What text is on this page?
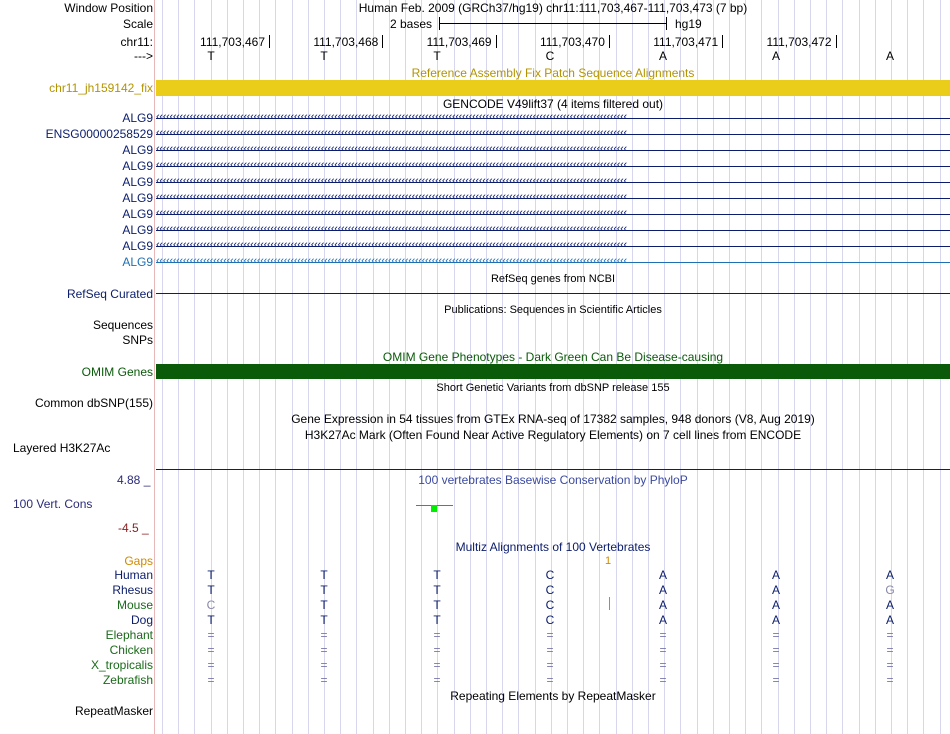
Window Position	Human Feb. 2009 (GRCh37/hg19) chr11:111,703,467-111,703,473 (7 bp)
Scale	2 bases	hg19
chr11:	111,703,467	111,703,468	111,703,469	111,703,470	111,703,471	111,703,472
--->	T	T	T	C	A	A	A
Reference Assembly Fix Patch Sequence Alignments
chr11_jh159142_fix
GENCODE V49lift37 (4 items filtered out)
ALG9 ‹‹‹‹‹‹‹‹‹‹‹‹‹‹‹‹‹‹‹‹‹‹‹‹‹‹‹‹‹‹‹‹‹‹‹‹‹‹‹‹‹‹‹‹‹‹‹‹‹‹‹‹‹‹‹‹‹‹‹‹‹‹‹‹‹‹‹‹‹‹‹‹‹‹‹‹‹‹‹‹‹‹‹‹‹‹‹‹‹‹‹‹‹‹‹‹‹‹‹‹‹‹‹‹‹‹‹‹‹‹‹‹‹‹‹‹‹‹‹‹‹‹‹‹‹‹‹‹‹‹‹‹‹‹‹‹‹‹‹‹
ENSG00000258529 ‹‹‹‹‹‹‹‹‹‹‹‹‹‹‹‹‹‹‹‹‹‹‹‹‹‹‹‹‹‹‹‹‹‹‹‹‹‹‹‹‹‹‹‹‹‹‹‹‹‹‹‹‹‹‹‹‹‹‹‹‹‹‹‹‹‹‹‹‹‹‹‹‹‹‹‹‹‹‹‹‹‹‹‹‹‹‹‹‹‹‹‹‹‹‹‹‹‹‹‹‹‹‹‹‹‹‹‹‹‹‹‹‹‹‹‹‹‹‹‹‹‹‹‹‹‹‹‹‹‹‹‹‹‹‹‹‹‹‹‹
ALG9 ‹‹‹‹‹‹‹‹‹‹‹‹‹‹‹‹‹‹‹‹‹‹‹‹‹‹‹‹‹‹‹‹‹‹‹‹‹‹‹‹‹‹‹‹‹‹‹‹‹‹‹‹‹‹‹‹‹‹‹‹‹‹‹‹‹‹‹‹‹‹‹‹‹‹‹‹‹‹‹‹‹‹‹‹‹‹‹‹‹‹‹‹‹‹‹‹‹‹‹‹‹‹‹‹‹‹‹‹‹‹‹‹‹‹‹‹‹‹‹‹‹‹‹‹‹‹‹‹‹‹‹‹‹‹‹‹‹‹‹‹
ALG9 ‹‹‹‹‹‹‹‹‹‹‹‹‹‹‹‹‹‹‹‹‹‹‹‹‹‹‹‹‹‹‹‹‹‹‹‹‹‹‹‹‹‹‹‹‹‹‹‹‹‹‹‹‹‹‹‹‹‹‹‹‹‹‹‹‹‹‹‹‹‹‹‹‹‹‹‹‹‹‹‹‹‹‹‹‹‹‹‹‹‹‹‹‹‹‹‹‹‹‹‹‹‹‹‹‹‹‹‹‹‹‹‹‹‹‹‹‹‹‹‹‹‹‹‹‹‹‹‹‹‹‹‹‹‹‹‹‹‹‹‹
ALG9 ‹‹‹‹‹‹‹‹‹‹‹‹‹‹‹‹‹‹‹‹‹‹‹‹‹‹‹‹‹‹‹‹‹‹‹‹‹‹‹‹‹‹‹‹‹‹‹‹‹‹‹‹‹‹‹‹‹‹‹‹‹‹‹‹‹‹‹‹‹‹‹‹‹‹‹‹‹‹‹‹‹‹‹‹‹‹‹‹‹‹‹‹‹‹‹‹‹‹‹‹‹‹‹‹‹‹‹‹‹‹‹‹‹‹‹‹‹‹‹‹‹‹‹‹‹‹‹‹‹‹‹‹‹‹‹‹‹‹‹‹
ALG9 ‹‹‹‹‹‹‹‹‹‹‹‹‹‹‹‹‹‹‹‹‹‹‹‹‹‹‹‹‹‹‹‹‹‹‹‹‹‹‹‹‹‹‹‹‹‹‹‹‹‹‹‹‹‹‹‹‹‹‹‹‹‹‹‹‹‹‹‹‹‹‹‹‹‹‹‹‹‹‹‹‹‹‹‹‹‹‹‹‹‹‹‹‹‹‹‹‹‹‹‹‹‹‹‹‹‹‹‹‹‹‹‹‹‹‹‹‹‹‹‹‹‹‹‹‹‹‹‹‹‹‹‹‹‹‹‹‹‹‹‹
ALG9 ‹‹‹‹‹‹‹‹‹‹‹‹‹‹‹‹‹‹‹‹‹‹‹‹‹‹‹‹‹‹‹‹‹‹‹‹‹‹‹‹‹‹‹‹‹‹‹‹‹‹‹‹‹‹‹‹‹‹‹‹‹‹‹‹‹‹‹‹‹‹‹‹‹‹‹‹‹‹‹‹‹‹‹‹‹‹‹‹‹‹‹‹‹‹‹‹‹‹‹‹‹‹‹‹‹‹‹‹‹‹‹‹‹‹‹‹‹‹‹‹‹‹‹‹‹‹‹‹‹‹‹‹‹‹‹‹‹‹‹‹
ALG9 ‹‹‹‹‹‹‹‹‹‹‹‹‹‹‹‹‹‹‹‹‹‹‹‹‹‹‹‹‹‹‹‹‹‹‹‹‹‹‹‹‹‹‹‹‹‹‹‹‹‹‹‹‹‹‹‹‹‹‹‹‹‹‹‹‹‹‹‹‹‹‹‹‹‹‹‹‹‹‹‹‹‹‹‹‹‹‹‹‹‹‹‹‹‹‹‹‹‹‹‹‹‹‹‹‹‹‹‹‹‹‹‹‹‹‹‹‹‹‹‹‹‹‹‹‹‹‹‹‹‹‹‹‹‹‹‹‹‹‹‹
ALG9 ‹‹‹‹‹‹‹‹‹‹‹‹‹‹‹‹‹‹‹‹‹‹‹‹‹‹‹‹‹‹‹‹‹‹‹‹‹‹‹‹‹‹‹‹‹‹‹‹‹‹‹‹‹‹‹‹‹‹‹‹‹‹‹‹‹‹‹‹‹‹‹‹‹‹‹‹‹‹‹‹‹‹‹‹‹‹‹‹‹‹‹‹‹‹‹‹‹‹‹‹‹‹‹‹‹‹‹‹‹‹‹‹‹‹‹‹‹‹‹‹‹‹‹‹‹‹‹‹‹‹‹‹‹‹‹‹‹‹‹‹
ALG9 ‹‹‹‹‹‹‹‹‹‹‹‹‹‹‹‹‹‹‹‹‹‹‹‹‹‹‹‹‹‹‹‹‹‹‹‹‹‹‹‹‹‹‹‹‹‹‹‹‹‹‹‹‹‹‹‹‹‹‹‹‹‹‹‹‹‹‹‹‹‹‹‹‹‹‹‹‹‹‹‹‹‹‹‹‹‹‹‹‹‹‹‹‹‹‹‹‹‹‹‹‹‹‹‹‹‹‹‹‹‹‹‹‹‹‹‹‹‹‹‹‹‹‹‹‹‹‹‹‹‹‹‹‹‹‹‹‹‹‹‹
RefSeq genes from NCBI
RefSeq Curated
Publications: Sequences in Scientific Articles
Sequences
SNPs
OMIM Gene Phenotypes - Dark Green Can Be Disease-causing
OMIM Genes
Short Genetic Variants from dbSNP release 155
Common dbSNP(155)
Gene Expression in 54 tissues from GTEx RNA-seq of 17382 samples, 948 donors (V8, Aug 2019)
H3K27Ac Mark (Often Found Near Active Regulatory Elements) on 7 cell lines from ENCODE
Layered H3K27Ac
4.88 _	100 vertebrates Basewise Conservation by PhyloP
100 Vert. Cons
-4.5 _
Multiz Alignments of 100 Vertebrates
Gaps	1
Human	T	T	T	C	A	A	A
Rhesus	T	T	T	C	A	A	G
Mouse	C	T	T	C	A	A	A
Dog	T	T	T	C	A	A	A
Elephant	=	=	=	=	=	=	=
Chicken	=	=	=	=	=	=	=
X_tropicalis	=	=	=	=	=	=	=
Zebrafish	=	=	=	=	=	=	=
Repeating Elements by RepeatMasker
RepeatMasker
